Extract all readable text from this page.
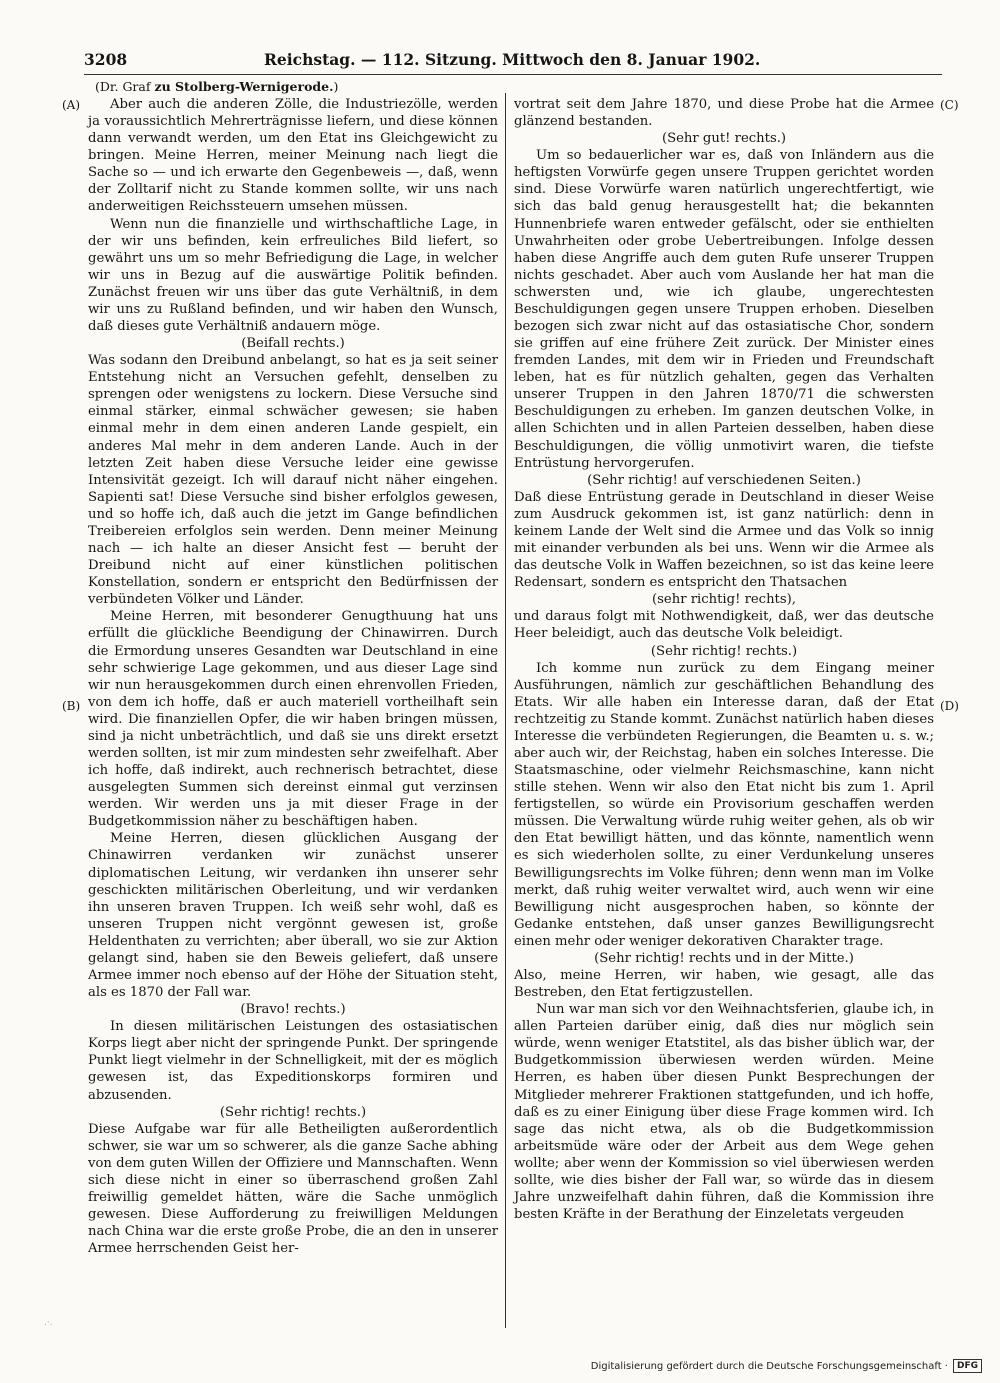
3208	Reichstag. — 112. Sitzung. Mittwoch den 8. Januar 1902.
(Dr. Graf zu Stolberg-Wernigerode.)
(A)
(B)
(C)
(D)

Aber auch die anderen Zölle, die Industriezölle, werden ja voraussichtlich Mehrerträgnisse liefern, und diese können dann verwandt werden, um den Etat ins Gleichgewicht zu bringen. Meine Herren, meiner Meinung nach liegt die Sache so — und ich erwarte den Gegenbeweis —, daß, wenn der Zolltarif nicht zu Stande kommen sollte, wir uns nach anderweitigen Reichssteuern umsehen müssen.

Wenn nun die finanzielle und wirthschaftliche Lage, in der wir uns befinden, kein erfreuliches Bild liefert, so gewährt uns um so mehr Befriedigung die Lage, in welcher wir uns in Bezug auf die auswärtige Politik befinden. Zunächst freuen wir uns über das gute Verhältniß, in dem wir uns zu Rußland befinden, und wir haben den Wunsch, daß dieses gute Verhältniß andauern möge.

(Beifall rechts.)

Was sodann den Dreibund anbelangt, so hat es ja seit seiner Entstehung nicht an Versuchen gefehlt, denselben zu sprengen oder wenigstens zu lockern. Diese Versuche sind einmal stärker, einmal schwächer gewesen; sie haben einmal mehr in dem einen anderen Lande gespielt, ein anderes Mal mehr in dem anderen Lande. Auch in der letzten Zeit haben diese Versuche leider eine gewisse Intensivität gezeigt. Ich will darauf nicht näher eingehen. Sapienti sat! Diese Versuche sind bisher erfolglos gewesen, und so hoffe ich, daß auch die jetzt im Gange befindlichen Treibereien erfolglos sein werden. Denn meiner Meinung nach — ich halte an dieser Ansicht fest — beruht der Dreibund nicht auf einer künstlichen politischen Konstellation, sondern er entspricht den Bedürfnissen der verbündeten Völker und Länder.

Meine Herren, mit besonderer Genugthuung hat uns erfüllt die glückliche Beendigung der Chinawirren. Durch die Ermordung unseres Gesandten war Deutschland in eine sehr schwierige Lage gekommen, und aus dieser Lage sind wir nun herausgekommen durch einen ehrenvollen Frieden, von dem ich hoffe, daß er auch materiell vortheilhaft sein wird. Die finanziellen Opfer, die wir haben bringen müssen, sind ja nicht unbeträchtlich, und daß sie uns direkt ersetzt werden sollten, ist mir zum mindesten sehr zweifelhaft. Aber ich hoffe, daß indirekt, auch rechnerisch betrachtet, diese ausgelegten Summen sich dereinst einmal gut verzinsen werden. Wir werden uns ja mit dieser Frage in der Budgetkommission näher zu beschäftigen haben.

Meine Herren, diesen glücklichen Ausgang der Chinawirren verdanken wir zunächst unserer diplomatischen Leitung, wir verdanken ihn unserer sehr geschickten militärischen Oberleitung, und wir verdanken ihn unseren braven Truppen. Ich weiß sehr wohl, daß es unseren Truppen nicht vergönnt gewesen ist, große Heldenthaten zu verrichten; aber überall, wo sie zur Aktion gelangt sind, haben sie den Beweis geliefert, daß unsere Armee immer noch ebenso auf der Höhe der Situation steht, als es 1870 der Fall war.

(Bravo! rechts.)

In diesen militärischen Leistungen des ostasiatischen Korps liegt aber nicht der springende Punkt. Der springende Punkt liegt vielmehr in der Schnelligkeit, mit der es möglich gewesen ist, das Expeditionskorps formiren und abzusenden.

(Sehr richtig! rechts.)

Diese Aufgabe war für alle Betheiligten außerordentlich schwer, sie war um so schwerer, als die ganze Sache abhing von dem guten Willen der Offiziere und Mannschaften. Wenn sich diese nicht in einer so überraschend großen Zahl freiwillig gemeldet hätten, wäre die Sache unmöglich gewesen. Diese Aufforderung zu freiwilligen Meldungen nach China war die erste große Probe, die an den in unserer Armee herrschenden Geist her-

vortrat seit dem Jahre 1870, und diese Probe hat die Armee glänzend bestanden.

(Sehr gut! rechts.)

Um so bedauerlicher war es, daß von Inländern aus die heftigsten Vorwürfe gegen unsere Truppen gerichtet worden sind. Diese Vorwürfe waren natürlich ungerechtfertigt, wie sich das bald genug herausgestellt hat; die bekannten Hunnenbriefe waren entweder gefälscht, oder sie enthielten Unwahrheiten oder grobe Uebertreibungen. Infolge dessen haben diese Angriffe auch dem guten Rufe unserer Truppen nichts geschadet. Aber auch vom Auslande her hat man die schwersten und, wie ich glaube, ungerechtesten Beschuldigungen gegen unsere Truppen erhoben. Dieselben bezogen sich zwar nicht auf das ostasiatische Chor, sondern sie griffen auf eine frühere Zeit zurück. Der Minister eines fremden Landes, mit dem wir in Frieden und Freundschaft leben, hat es für nützlich gehalten, gegen das Verhalten unserer Truppen in den Jahren 1870/71 die schwersten Beschuldigungen zu erheben. Im ganzen deutschen Volke, in allen Schichten und in allen Parteien desselben, haben diese Beschuldigungen, die völlig unmotivirt waren, die tiefste Entrüstung hervorgerufen.

(Sehr richtig! auf verschiedenen Seiten.)

Daß diese Entrüstung gerade in Deutschland in dieser Weise zum Ausdruck gekommen ist, ist ganz natürlich: denn in keinem Lande der Welt sind die Armee und das Volk so innig mit einander verbunden als bei uns. Wenn wir die Armee als das deutsche Volk in Waffen bezeichnen, so ist das keine leere Redensart, sondern es entspricht den Thatsachen

(sehr richtig! rechts),

und daraus folgt mit Nothwendigkeit, daß, wer das deutsche Heer beleidigt, auch das deutsche Volk beleidigt.

(Sehr richtig! rechts.)

Ich komme nun zurück zu dem Eingang meiner Ausführungen, nämlich zur geschäftlichen Behandlung des Etats. Wir alle haben ein Interesse daran, daß der Etat rechtzeitig zu Stande kommt. Zunächst natürlich haben dieses Interesse die verbündeten Regierungen, die Beamten u. s. w.; aber auch wir, der Reichstag, haben ein solches Interesse. Die Staatsmaschine, oder vielmehr Reichsmaschine, kann nicht stille stehen. Wenn wir also den Etat nicht bis zum 1. April fertigstellen, so würde ein Provisorium geschaffen werden müssen. Die Verwaltung würde ruhig weiter gehen, als ob wir den Etat bewilligt hätten, und das könnte, namentlich wenn es sich wiederholen sollte, zu einer Verdunkelung unseres Bewilligungsrechts im Volke führen; denn wenn man im Volke merkt, daß ruhig weiter verwaltet wird, auch wenn wir eine Bewilligung nicht ausgesprochen haben, so könnte der Gedanke entstehen, daß unser ganzes Bewilligungsrecht einen mehr oder weniger dekorativen Charakter trage.

(Sehr richtig! rechts und in der Mitte.)

Also, meine Herren, wir haben, wie gesagt, alle das Bestreben, den Etat fertigzustellen.

Nun war man sich vor den Weihnachtsferien, glaube ich, in allen Parteien darüber einig, daß dies nur möglich sein würde, wenn weniger Etatstitel, als das bisher üblich war, der Budgetkommission überwiesen werden würden. Meine Herren, es haben über diesen Punkt Besprechungen der Mitglieder mehrerer Fraktionen stattgefunden, und ich hoffe, daß es zu einer Einigung über diese Frage kommen wird. Ich sage das nicht etwa, als ob die Budgetkommission arbeitsmüde wäre oder der Arbeit aus dem Wege gehen wollte; aber wenn der Kommission so viel überwiesen werden sollte, wie dies bisher der Fall war, so würde das in diesem Jahre unzweifelhaft dahin führen, daß die Kommission ihre besten Kräfte in der Berathung der Einzeletats vergeuden

.·.
Digitalisierung gefördert durch die Deutsche Forschungsgemeinschaft ·	DFG
